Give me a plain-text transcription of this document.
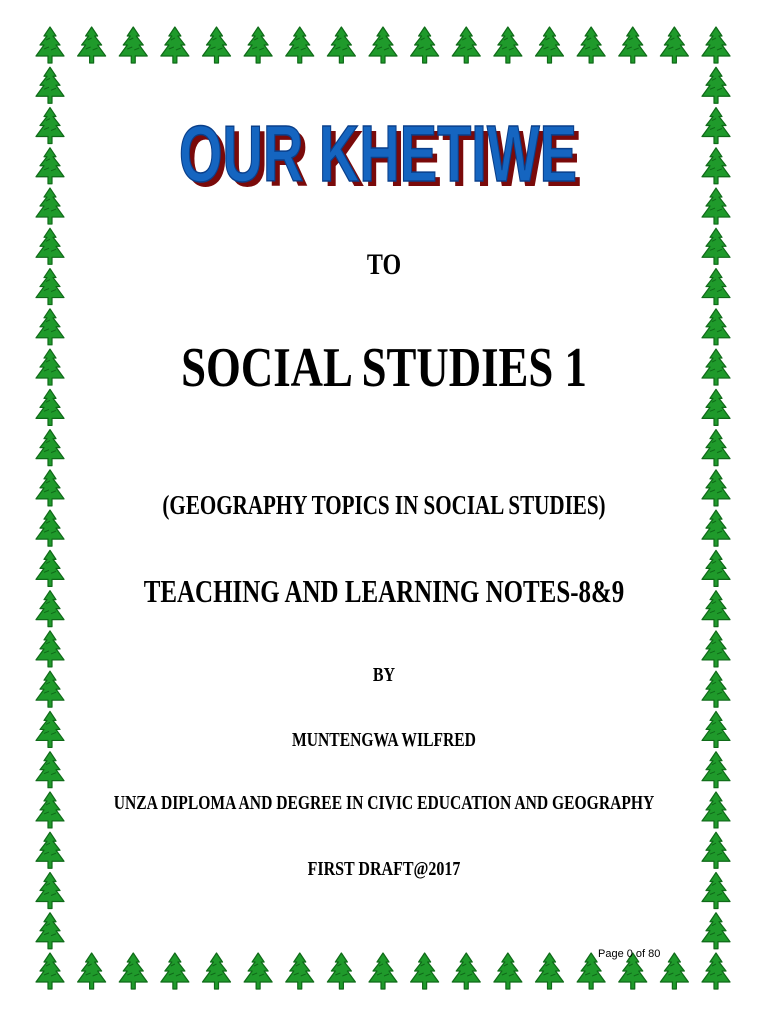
OUR KHETIWE
OUR KHETIWE
TO
SOCIAL STUDIES 1
(GEOGRAPHY TOPICS IN SOCIAL STUDIES)
TEACHING AND LEARNING NOTES-8&9
BY
MUNTENGWA WILFRED
UNZA DIPLOMA AND DEGREE IN CIVIC EDUCATION AND GEOGRAPHY
FIRST DRAFT@2017
Page 0 of 80
